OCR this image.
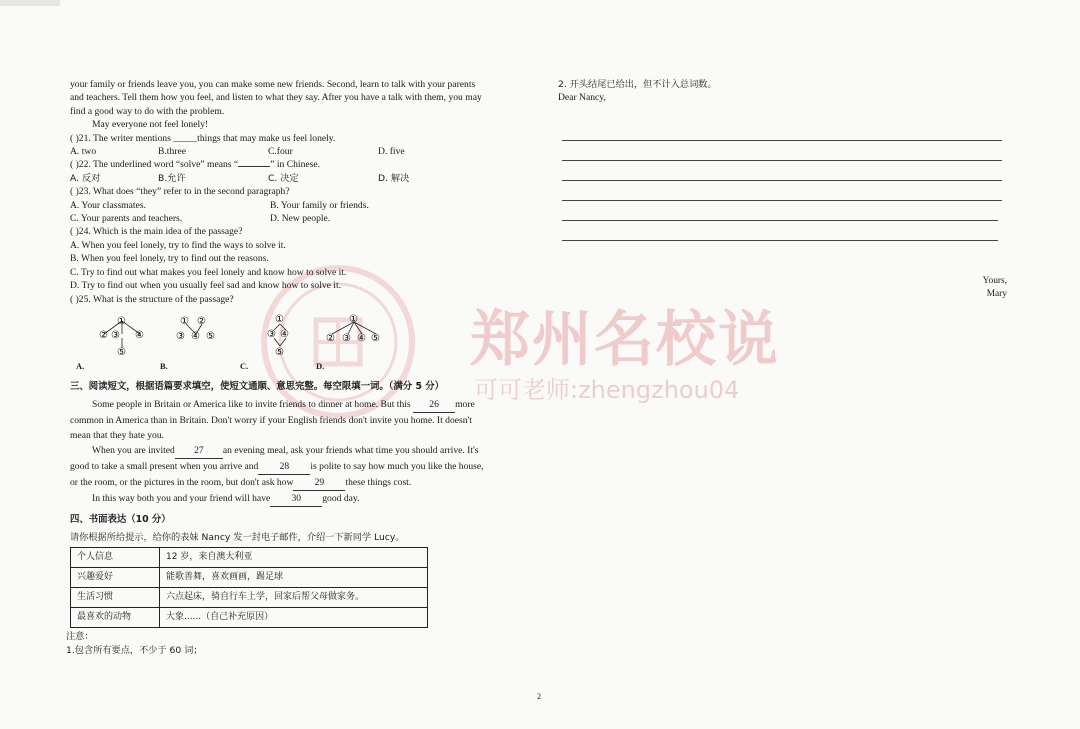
郑州名校说
可可老师:zhengzhou04
your family or friends leave you, you can make some new friends. Second, learn to talk with your parents
and teachers. Tell them how you feel, and listen to what they say. After you have a talk with them, you may
find a good way to do with the problem.
May everyone not feel lonely!
( )21. The writer mentions _____things that may make us feel lonely.
A. two	B.three	C.four	D. five
( )22. The underlined word “solve” means “	” in Chinese.
A. 反对	B.允许	C. 决定	D. 解决
( )23. What does “they” refer to in the second paragraph?
A. Your classmates.	B. Your family or friends.
C. Your parents and teachers.	D. New people.
( )24. Which is the main idea of the passage?
A. When you feel lonely, try to find the ways to solve it.
B. When you feel lonely, try to find out the reasons.
C. Try to find out what makes you feel lonely and know how to solve it.
D. Try to find out when you usually feel sad and know how to solve it.
( )25. What is the structure of the passage?
①
② ③ ④
⑤
① ②
③ ④ ⑤
①
③ ④
⑤
①
② ③ ④ ⑤
A.	B.	C.	D.
三、阅读短文，根据语篇要求填空，使短文通顺、意思完整。每空限填一词。（满分 5 分）
Some people in Britain or America like to invite friends to dinner at home. But this 26 more
common in America than in Britain. Don't worry if your English friends don't invite you home. It doesn't
mean that they hate you.
When you are invited 27 an evening meal, ask your friends what time you should arrive. It's
good to take a small present when you arrive and 28 is polite to say how much you like the house,
or the room, or the pictures in the room, but don't ask how 29 these things cost.
In this way both you and your friend will have 30 good day.
四、书面表达（10 分）
请你根据所给提示，给你的表妹 Nancy 发一封电子邮件，介绍一下新同学 Lucy。
个人信息	12 岁，来自澳大利亚
兴趣爱好	能歌善舞，喜欢画画，踢足球
生活习惯	六点起床，骑自行车上学，回家后帮父母做家务。
最喜欢的动物	大象......（自己补充原因）
注意：
1.包含所有要点，不少于 60 词；
2. 开头结尾已给出，但不计入总词数。
Dear Nancy,
Yours,
Mary
2
